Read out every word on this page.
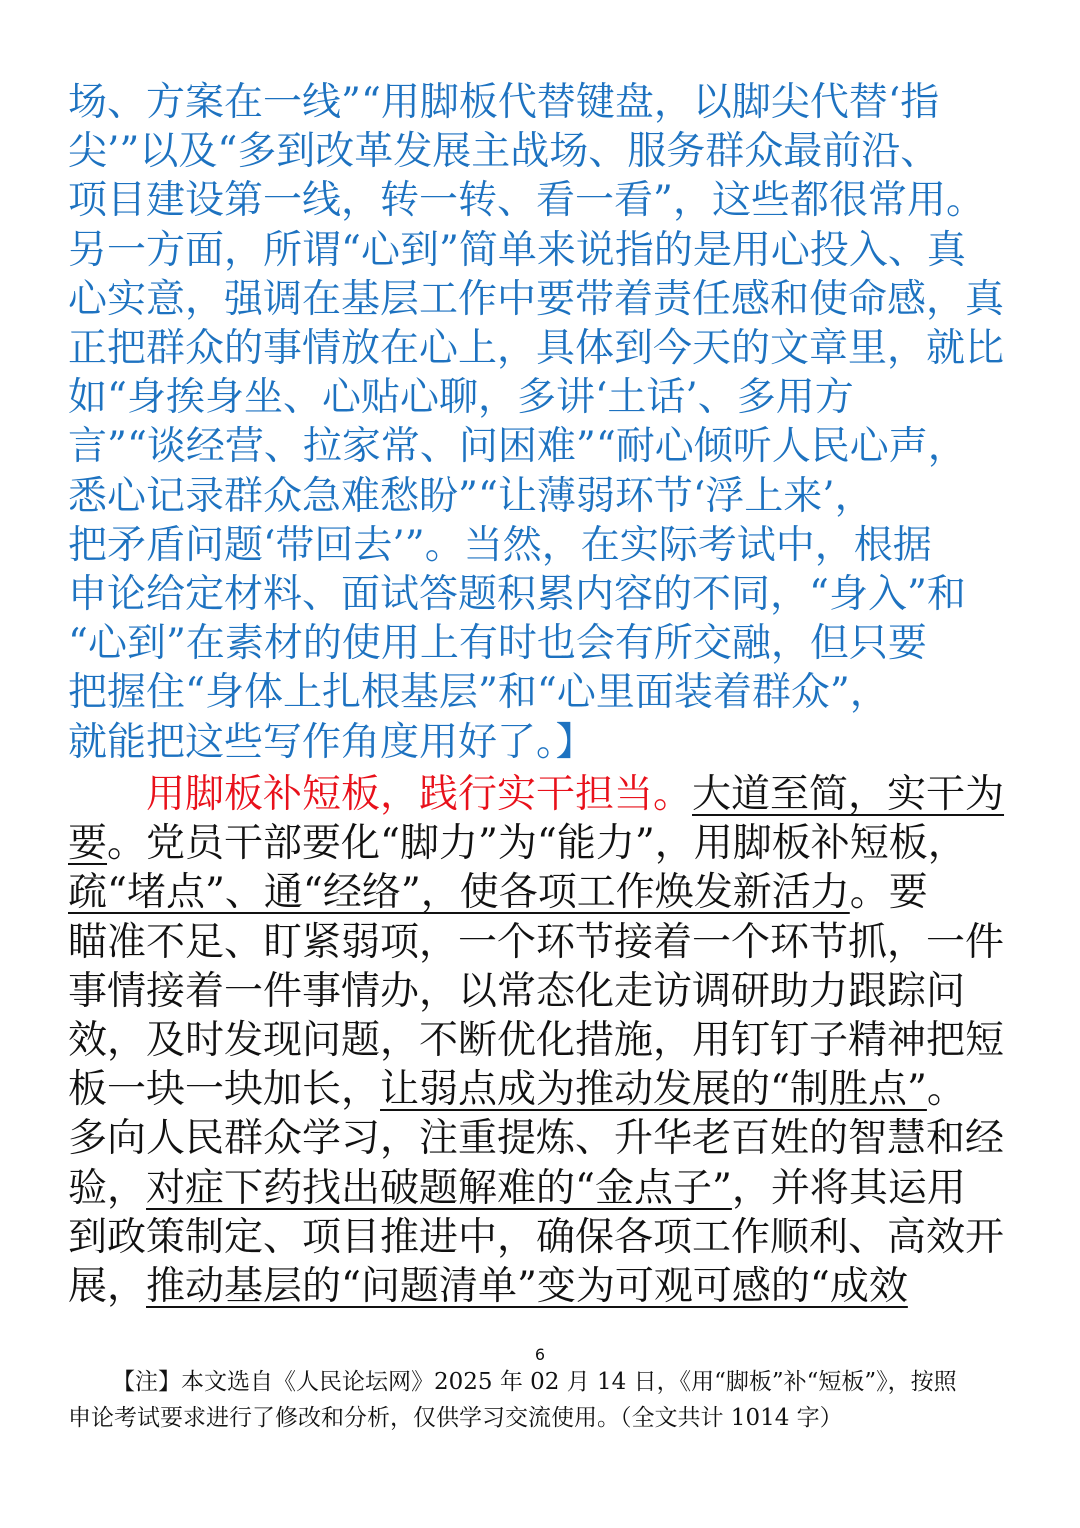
场、方案在一线”“用脚板代替键盘，以脚尖代替‘指
尖’”以及“多到改革发展主战场、服务群众最前沿、
项目建设第一线，转一转、看一看”，这些都很常用。
另一方面，所谓“心到”简单来说指的是用心投入、真
心实意，强调在基层工作中要带着责任感和使命感，真
正把群众的事情放在心上，具体到今天的文章里，就比
如“身挨身坐、心贴心聊，多讲‘土话’、多用方
言”“谈经营、拉家常、问困难”“耐心倾听人民心声，
悉心记录群众急难愁盼”“让薄弱环节‘浮上来’，
把矛盾问题‘带回去’”。当然，在实际考试中，根据
申论给定材料、面试答题积累内容的不同，“身入”和
“心到”在素材的使用上有时也会有所交融，但只要
把握住“身体上扎根基层”和“心里面装着群众”，
就能把这些写作角度用好了。】
用脚板补短板，践行实干担当。大道至简，实干为
要。党员干部要化“脚力”为“能力”，用脚板补短板，
疏“堵点”、通“经络”，使各项工作焕发新活力。要
瞄准不足、盯紧弱项，一个环节接着一个环节抓，一件
事情接着一件事情办，以常态化走访调研助力跟踪问
效，及时发现问题，不断优化措施，用钉钉子精神把短
板一块一块加长，让弱点成为推动发展的“制胜点”。
多向人民群众学习，注重提炼、升华老百姓的智慧和经
验，对症下药找出破题解难的“金点子”，并将其运用
到政策制定、项目推进中，确保各项工作顺利、高效开
展，推动基层的“问题清单”变为可观可感的“成效
6
【注】本文选自《人民论坛网》2025 年 02 月 14 日，《用“脚板”补“短板”》，按照
申论考试要求进行了修改和分析，仅供学习交流使用。（全文共计 1014 字）
